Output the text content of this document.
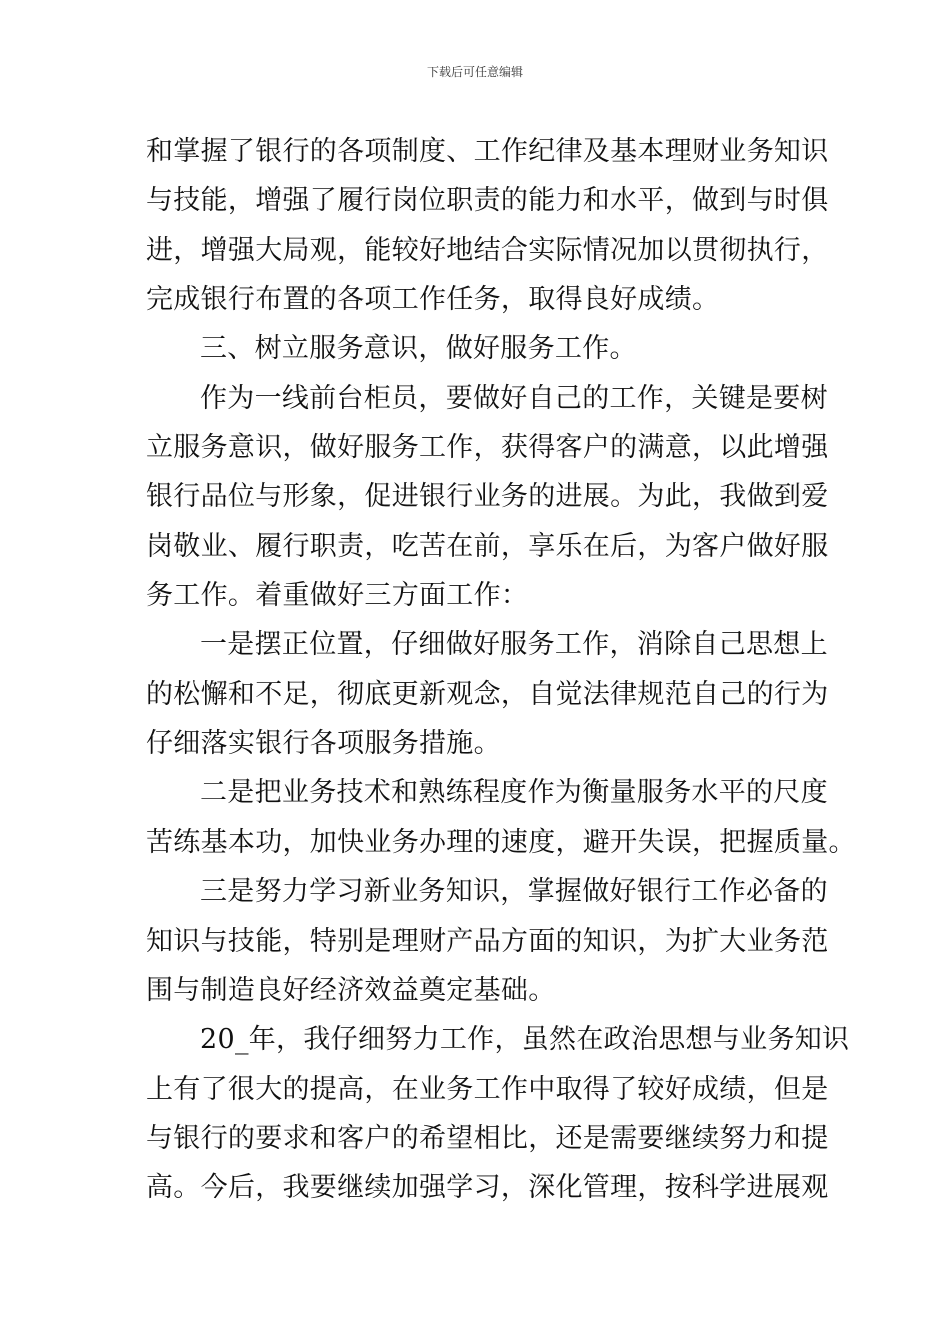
下载后可任意编辑
和掌握了银行的各项制度、工作纪律及基本理财业务知识
与技能，增强了履行岗位职责的能力和水平，做到与时俱
进，增强大局观，能较好地结合实际情况加以贯彻执行，
完成银行布置的各项工作任务，取得良好成绩。
三、树立服务意识，做好服务工作。
作为一线前台柜员，要做好自己的工作，关键是要树
立服务意识，做好服务工作，获得客户的满意，以此增强
银行品位与形象，促进银行业务的进展。为此，我做到爱
岗敬业、履行职责，吃苦在前，享乐在后，为客户做好服
务工作。着重做好三方面工作：
一是摆正位置，仔细做好服务工作，消除自己思想上
的松懈和不足，彻底更新观念，自觉法律规范自己的行为
仔细落实银行各项服务措施。
二是把业务技术和熟练程度作为衡量服务水平的尺度
苦练基本功，加快业务办理的速度，避开失误，把握质量。
三是努力学习新业务知识，掌握做好银行工作必备的
知识与技能，特别是理财产品方面的知识，为扩大业务范
围与制造良好经济效益奠定基础。
20_年，我仔细努力工作，虽然在政治思想与业务知识
上有了很大的提高，在业务工作中取得了较好成绩，但是
与银行的要求和客户的希望相比，还是需要继续努力和提
高。今后，我要继续加强学习，深化管理，按科学进展观
